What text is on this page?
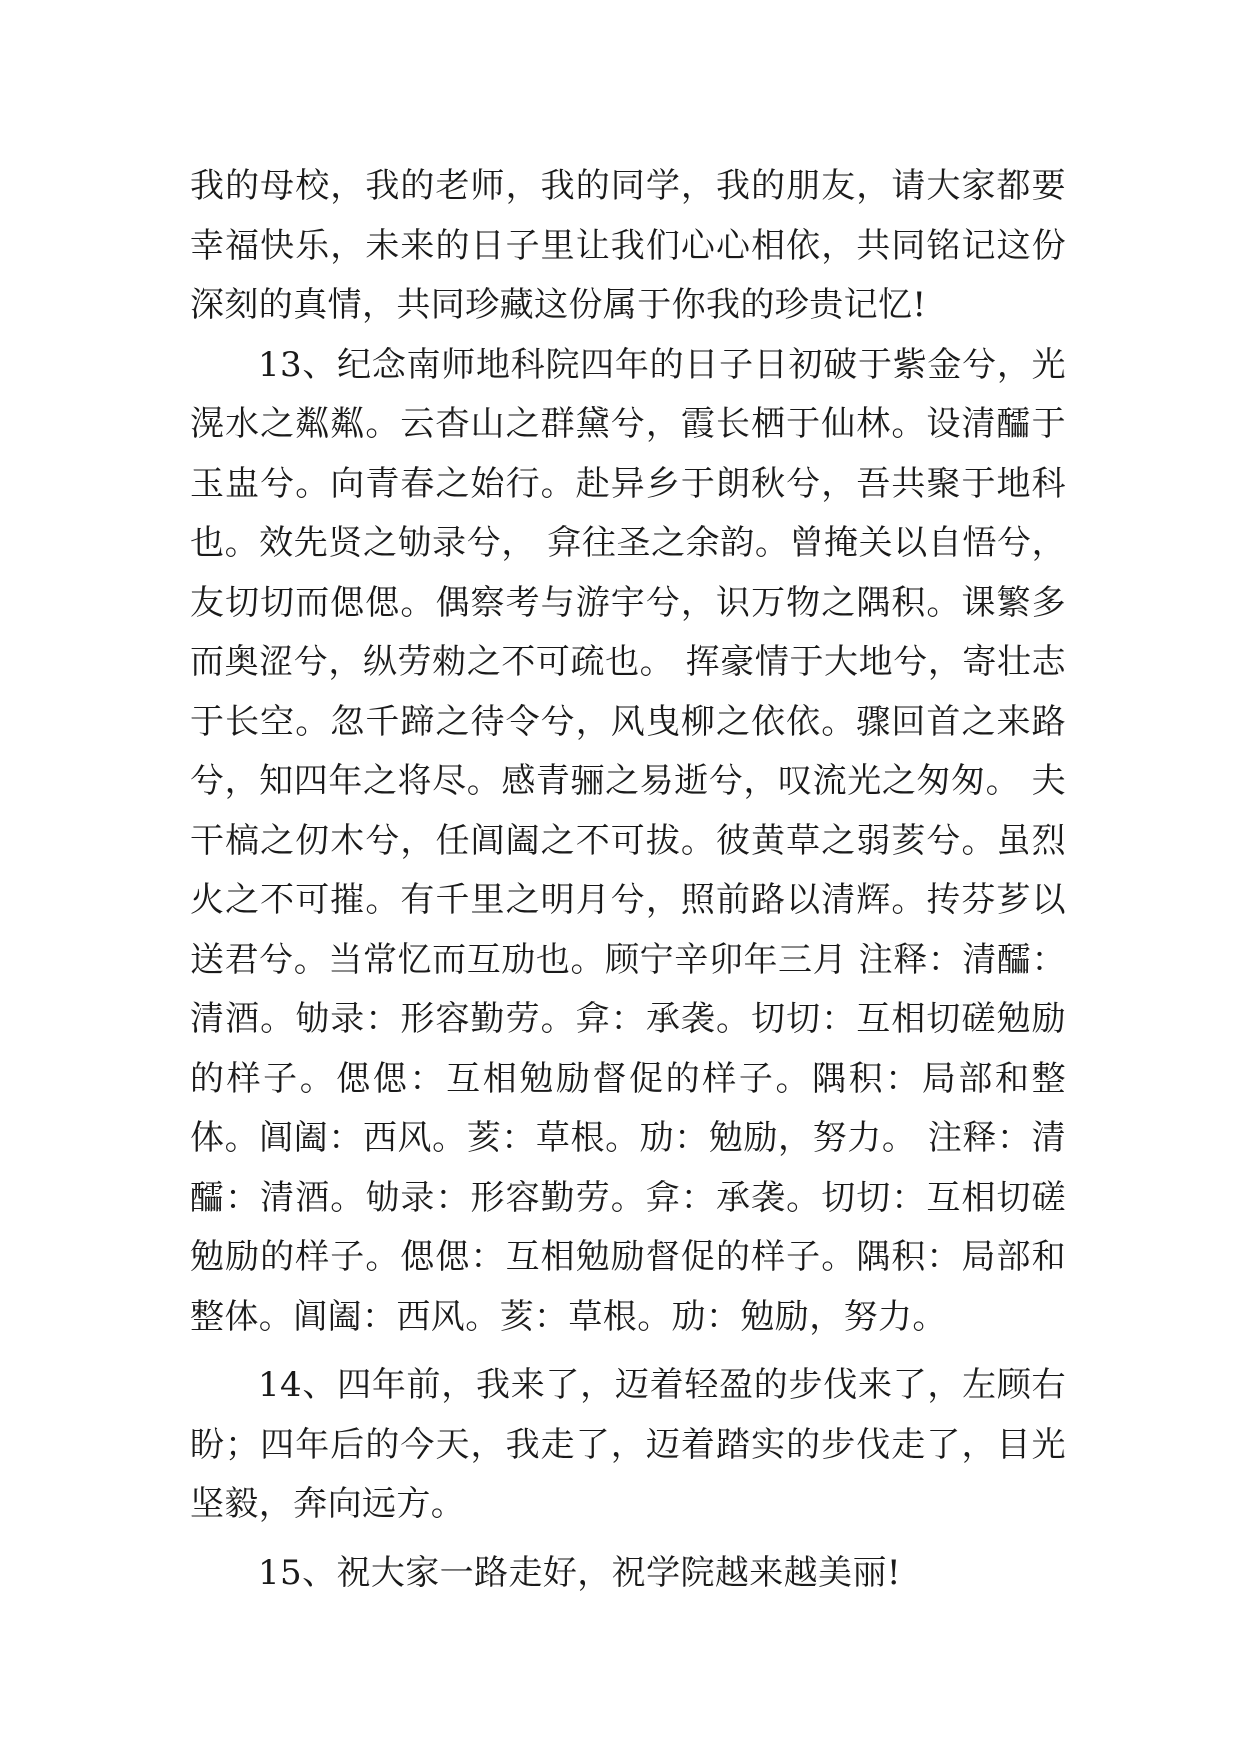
我的母校，我的老师，我的同学，我的朋友，请大家都要幸福快乐，未来的日子里让我们心心相依，共同铭记这份深刻的真情，共同珍藏这份属于你我的珍贵记忆!

13、纪念南师地科院四年的日子日初破于紫金兮，光滉水之粼粼。云杳山之群黛兮，霞长栖于仙林。设清醽于玉盅兮。向青春之始行。赴异乡于朗秋兮，吾共聚于地科也。效先贤之劬录兮， 弇往圣之余韵。曾掩关以自悟兮，友切切而偲偲。偶察考与游宇兮，识万物之隅积。课繁多而奥涩兮，纵劳勑之不可疏也。 挥豪情于大地兮，寄壮志于长空。忽千蹄之待令兮，风曳柳之依依。骤回首之来路兮，知四年之将尽。感青骊之易逝兮，叹流光之匆匆。 夫干槁之仞木兮，任阊阖之不可拔。彼黄草之弱荄兮。虽烈火之不可摧。有千里之明月兮，照前路以清辉。抟芬芗以送君兮。当常忆而互劢也。顾宁辛卯年三月 注释：清醽：清酒。劬录：形容勤劳。弇：承袭。切切：互相切磋勉励的样子。偲偲：互相勉励督促的样子。隅积：局部和整体。阊阖：西风。荄：草根。劢：勉励，努力。 注释：清醽：清酒。劬录：形容勤劳。弇：承袭。切切：互相切磋勉励的样子。偲偲：互相勉励督促的样子。隅积：局部和整体。阊阖：西风。荄：草根。劢：勉励，努力。

14、四年前，我来了，迈着轻盈的步伐来了，左顾右盼；四年后的今天，我走了，迈着踏实的步伐走了，目光坚毅，奔向远方。

15、祝大家一路走好，祝学院越来越美丽!
